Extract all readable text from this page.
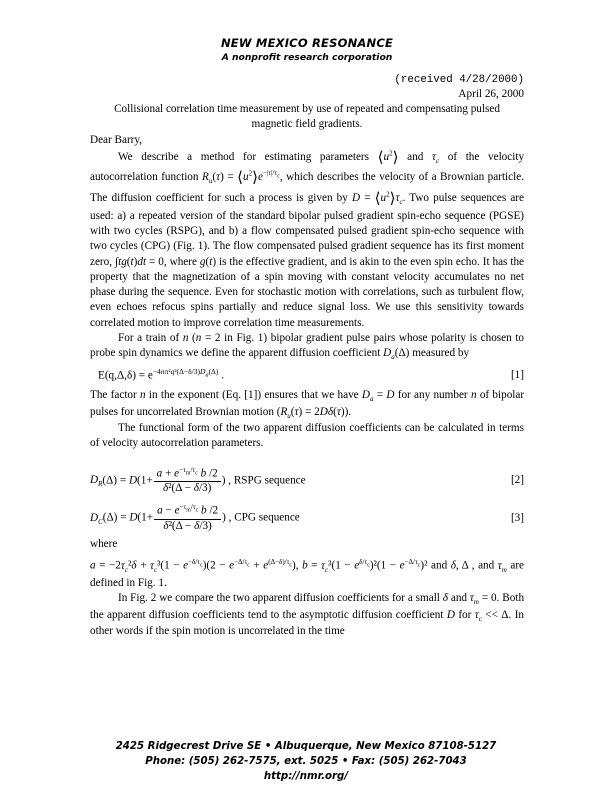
NEW MEXICO RESONANCE
A nonprofit research corporation
(received 4/28/2000)
April 26, 2000
Collisional correlation time measurement by use of repeated and compensating pulsed magnetic field gradients.
Dear Barry,

We describe a method for estimating parameters $⟨u^2⟩$ and $\tau_c$ of the velocity autocorrelation function $R_u(\tau)$ = $⟨u^2⟩e^{-|\tau|/\tau_c}$, which describes the velocity of a Brownian particle. The diffusion coefficient for such a process is given by $D = ⟨u^2⟩\tau_c$. Two pulse sequences are used: a) a repeated version of the standard bipolar pulsed gradient spin-echo sequence (PGSE) with two cycles (RSPG), and b) a flow compensated pulsed gradient spin-echo sequence with two cycles (CPG) (Fig. 1). The flow compensated pulsed gradient sequence has its first moment zero, ∫tg(t)dt = 0, where g(t) is the effective gradient, and is akin to the even spin echo. It has the property that the magnetization of a spin moving with constant velocity accumulates no net phase during the sequence. Even for stochastic motion with correlations, such as turbulent flow, even echoes refocus spins partially and reduce signal loss. We use this sensitivity towards correlated motion to improve correlation time measurements.

For a train of n (n = 2 in Fig. 1) bipolar gradient pulse pairs whose polarity is chosen to probe spin dynamics we define the apparent diffusion coefficient $D_a(\Delta)$ measured by

$E(q,\Delta,\delta) = e^{-4n\pi^2q^2(\Delta-\delta/3)D_a(\Delta)}$ .	[1]

The factor n in the exponent (Eq. [1]) ensures that we have $D_a = D$ for any number n of bipolar pulses for uncorrelated Brownian motion $(R_u(\tau) = 2D\delta(\tau))$.

The functional form of the two apparent diffusion coefficients can be calculated in terms of velocity autocorrelation parameters.

$D_R(\Delta) = D(1+ \frac{a + e^{-\tau_m/\tau_c} b /2}{\text{δ²(Δ − δ/3)}}$ ) , RSPG sequence	[2]
$D_C(\Delta) = D(1+ \frac{a - e^{-\tau_m/\tau_c} b /2}{\text{δ²(Δ − δ/3)}}$ ) , CPG sequence	[3]
where

$a = -2\tau_c^2\delta + \tau_c^3(1 - e^{-\delta/\tau_c})(2 - e^{-\Delta/\tau_c} + e^{(\Delta-\delta)/\tau_c})$, $b = \tau_c^3(1 - e^{\delta/\tau_c})^2(1 - e^{-\Delta/\tau_c})^2$ and δ, Δ , and $\tau_m$ are defined in Fig. 1.

In Fig. 2 we compare the two apparent diffusion coefficients for a small δ and $\tau_m = 0$. Both the apparent diffusion coefficients tend to the asymptotic diffusion coefficient D for $\tau_c << \Delta$. In other words if the spin motion is uncorrelated in the time

2425 Ridgecrest Drive SE • Albuquerque, New Mexico 87108-5127
Phone: (505) 262-7575, ext. 5025 • Fax: (505) 262-7043
http://nmr.org/
